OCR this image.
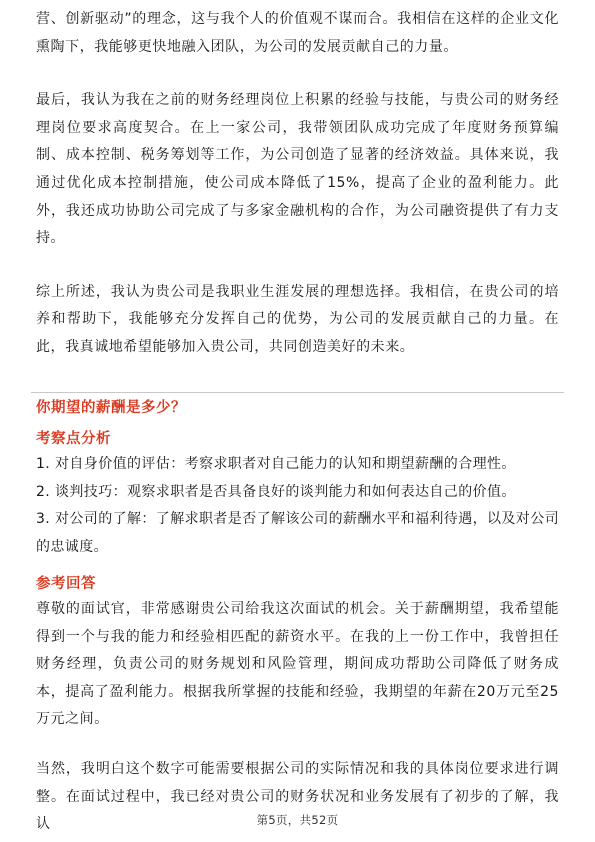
营、创新驱动”的理念，这与我个人的价值观不谋而合。我相信在这样的企业文化熏陶下，我能够更快地融入团队，为公司的发展贡献自己的力量。

最后，我认为我在之前的财务经理岗位上积累的经验与技能，与贵公司的财务经理岗位要求高度契合。在上一家公司，我带领团队成功完成了年度财务预算编制、成本控制、税务筹划等工作，为公司创造了显著的经济效益。具体来说，我通过优化成本控制措施，使公司成本降低了15%，提高了企业的盈利能力。此外，我还成功协助公司完成了与多家金融机构的合作，为公司融资提供了有力支持。

综上所述，我认为贵公司是我职业生涯发展的理想选择。我相信，在贵公司的培养和帮助下，我能够充分发挥自己的优势，为公司的发展贡献自己的力量。在此，我真诚地希望能够加入贵公司，共同创造美好的未来。

你期望的薪酬是多少？

考察点分析

1. 对自身价值的评估：考察求职者对自己能力的认知和期望薪酬的合理性。

2. 谈判技巧：观察求职者是否具备良好的谈判能力和如何表达自己的价值。

3. 对公司的了解：了解求职者是否了解该公司的薪酬水平和福利待遇，以及对公司的忠诚度。

参考回答

尊敬的面试官，非常感谢贵公司给我这次面试的机会。关于薪酬期望，我希望能得到一个与我的能力和经验相匹配的薪资水平。在我的上一份工作中，我曾担任财务经理，负责公司的财务规划和风险管理，期间成功帮助公司降低了财务成本，提高了盈利能力。根据我所掌握的技能和经验，我期望的年薪在20万元至25万元之间。

当然，我明白这个数字可能需要根据公司的实际情况和我的具体岗位要求进行调整。在面试过程中，我已经对贵公司的财务状况和业务发展有了初步的了解，我认	第5页，共52页
